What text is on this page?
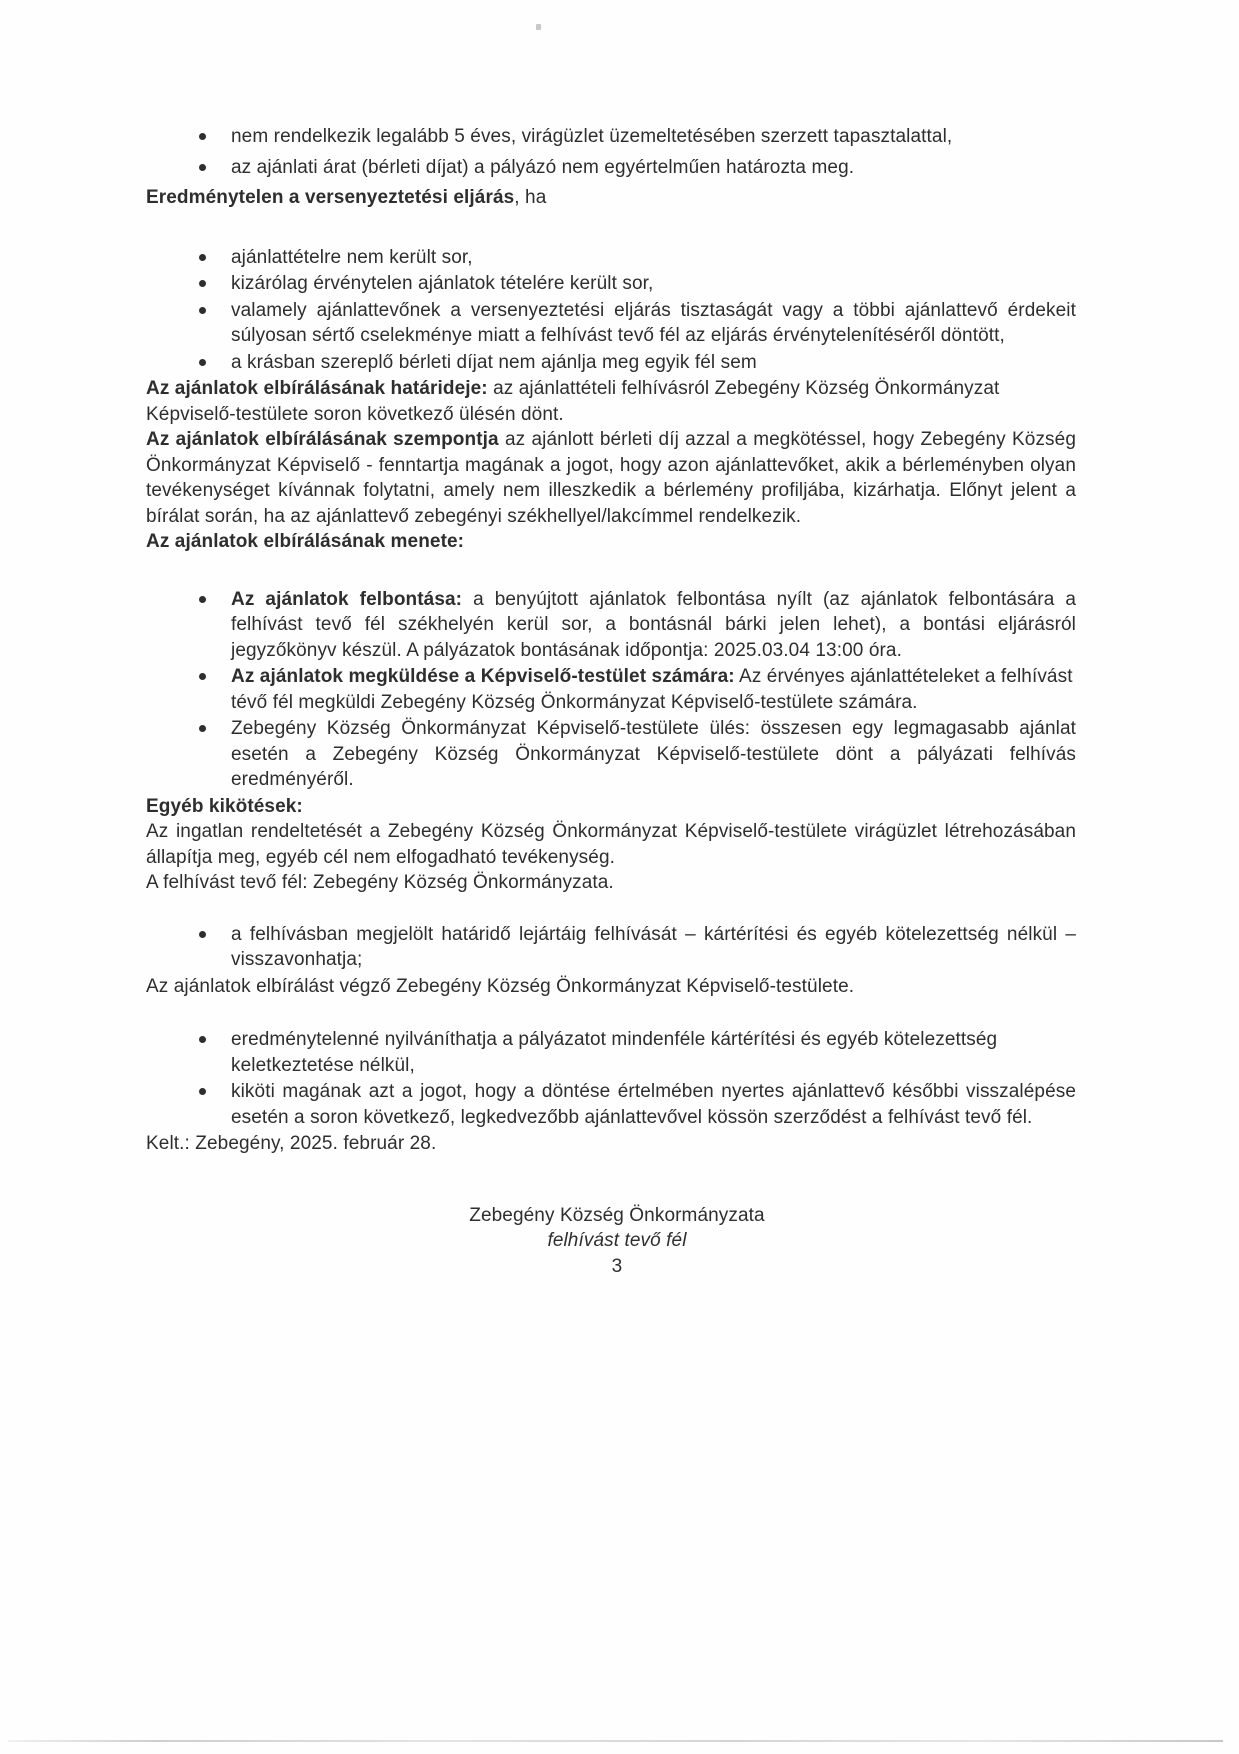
nem rendelkezik legalább 5 éves, virágüzlet üzemeltetésében szerzett tapasztalattal,
az ajánlati árat (bérleti díjat) a pályázó nem egyértelműen határozta meg.

Eredménytelen a versenyeztetési eljárás, ha

ajánlattételre nem került sor,
kizárólag érvénytelen ajánlatok tételére került sor,
valamely ajánlattevőnek a versenyeztetési eljárás tisztaságát vagy a többi ajánlattevő érdekeit súlyosan sértő cselekménye miatt a felhívást tevő fél az eljárás érvénytelenítéséről döntött,
a krásban szereplő bérleti díjat nem ajánlja meg egyik fél sem

Az ajánlatok elbírálásának határideje: az ajánlattételi felhívásról Zebegény Község Önkormányzat Képviselő-testülete soron következő ülésén dönt.

Az ajánlatok elbírálásának szempontja az ajánlott bérleti díj azzal a megkötéssel, hogy Zebegény Község Önkormányzat Képviselő - fenntartja magának a jogot, hogy azon ajánlattevőket, akik a bérleményben olyan tevékenységet kívánnak folytatni, amely nem illeszkedik a bérlemény profiljába, kizárhatja. Előnyt jelent a bírálat során, ha az ajánlattevő zebegényi székhellyel/lakcímmel rendelkezik.

Az ajánlatok elbírálásának menete:

Az ajánlatok felbontása: a benyújtott ajánlatok felbontása nyílt (az ajánlatok felbontására a felhívást tevő fél székhelyén kerül sor, a bontásnál bárki jelen lehet), a bontási eljárásról jegyzőkönyv készül. A pályázatok bontásának időpontja: 2025.03.04 13:00 óra.
Az ajánlatok megküldése a Képviselő-testület számára: Az érvényes ajánlattételeket a felhívást tévő fél megküldi Zebegény Község Önkormányzat Képviselő-testülete számára.
Zebegény Község Önkormányzat Képviselő-testülete ülés: összesen egy legmagasabb ajánlat esetén a Zebegény Község Önkormányzat Képviselő-testülete dönt a pályázati felhívás eredményéről.

Egyéb kikötések:

Az ingatlan rendeltetését a Zebegény Község Önkormányzat Képviselő-testülete virágüzlet létrehozásában állapítja meg, egyéb cél nem elfogadható tevékenység.

A felhívást tevő fél: Zebegény Község Önkormányzata.

a felhívásban megjelölt határidő lejártáig felhívását – kártérítési és egyéb kötelezettség nélkül – visszavonhatja;

Az ajánlatok elbírálást végző Zebegény Község Önkormányzat Képviselő-testülete.

eredménytelenné nyilváníthatja a pályázatot mindenféle kártérítési és egyéb kötelezettség keletkeztetése nélkül,
kiköti magának azt a jogot, hogy a döntése értelmében nyertes ajánlattevő későbbi visszalépése esetén a soron következő, legkedvezőbb ajánlattevővel kössön szerződést a felhívást tevő fél.

Kelt.: Zebegény, 2025. február 28.

Zebegény Község Önkormányzata

felhívást tevő fél

3
